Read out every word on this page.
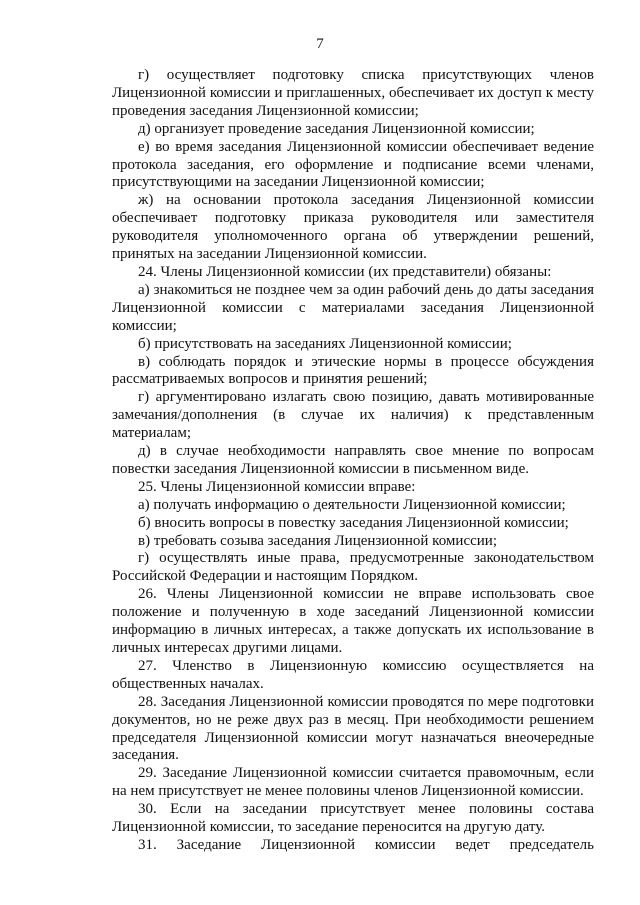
7

г) осуществляет подготовку списка присутствующих членов Лицензионной комиссии и приглашенных, обеспечивает их доступ к месту проведения заседания Лицензионной комиссии;

д) организует проведение заседания Лицензионной комиссии;

е) во время заседания Лицензионной комиссии обеспечивает ведение протокола заседания, его оформление и подписание всеми членами, присутствующими на заседании Лицензионной комиссии;

ж) на основании протокола заседания Лицензионной комиссии обеспечивает подготовку приказа руководителя или заместителя руководителя уполномоченного органа об утверждении решений, принятых на заседании Лицензионной комиссии.

24. Члены Лицензионной комиссии (их представители) обязаны:

а) знакомиться не позднее чем за один рабочий день до даты заседания Лицензионной комиссии с материалами заседания Лицензионной комиссии;

б) присутствовать на заседаниях Лицензионной комиссии;

в) соблюдать порядок и этические нормы в процессе обсуждения рассматриваемых вопросов и принятия решений;

г) аргументировано излагать свою позицию, давать мотивированные замечания/дополнения (в случае их наличия) к представленным материалам;

д) в случае необходимости направлять свое мнение по вопросам повестки заседания Лицензионной комиссии в письменном виде.

25. Члены Лицензионной комиссии вправе:

а) получать информацию о деятельности Лицензионной комиссии;

б) вносить вопросы в повестку заседания Лицензионной комиссии;

в) требовать созыва заседания Лицензионной комиссии;

г) осуществлять иные права, предусмотренные законодательством Российской Федерации и настоящим Порядком.

26. Члены Лицензионной комиссии не вправе использовать свое положение и полученную в ходе заседаний Лицензионной комиссии информацию в личных интересах, а также допускать их использование в личных интересах другими лицами.

27. Членство в Лицензионную комиссию осуществляется на общественных началах.

28. Заседания Лицензионной комиссии проводятся по мере подготовки документов, но не реже двух раз в месяц. При необходимости решением председателя Лицензионной комиссии могут назначаться внеочередные заседания.

29. Заседание Лицензионной комиссии считается правомочным, если на нем присутствует не менее половины членов Лицензионной комиссии.

30. Если на заседании присутствует менее половины состава Лицензионной комиссии, то заседание переносится на другую дату.

31. Заседание Лицензионной комиссии ведет председатель
